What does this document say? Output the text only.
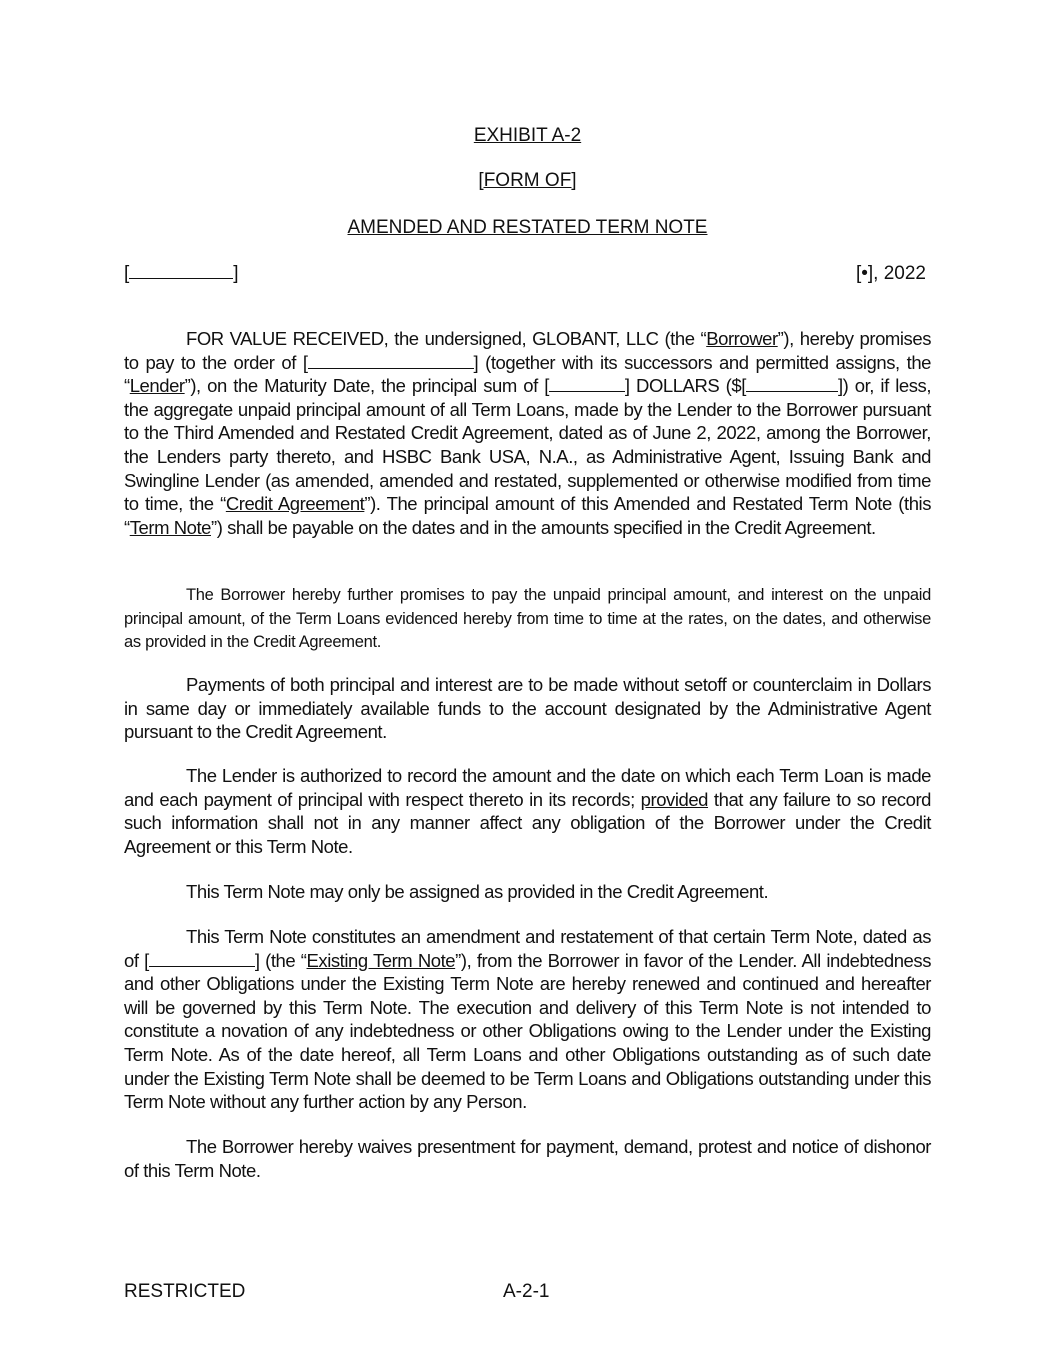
EXHIBIT A-2
[FORM OF]
AMENDED AND RESTATED TERM NOTE
[	]	[•], 2022
FOR VALUE RECEIVED, the undersigned, GLOBANT, LLC (the “Borrower”), hereby promises to pay to the order of [	] (together with its successors and permitted assigns, the “Lender”), on the Maturity Date, the principal sum of [	] DOLLARS ($[	]) or, if less, the aggregate unpaid principal amount of all Term Loans, made by the Lender to the Borrower pursuant to the Third Amended and Restated Credit Agreement, dated as of June 2, 2022, among the Borrower, the Lenders party thereto, and HSBC Bank USA, N.A., as Administrative Agent, Issuing Bank and Swingline Lender (as amended, amended and restated, supplemented or otherwise modified from time to time, the “Credit Agreement”). The principal amount of this Amended and Restated Term Note (this “Term Note”) shall be payable on the dates and in the amounts specified in the Credit Agreement.
The Borrower hereby further promises to pay the unpaid principal amount, and interest on the unpaid principal amount, of the Term Loans evidenced hereby from time to time at the rates, on the dates, and otherwise as provided in the Credit Agreement.
Payments of both principal and interest are to be made without setoff or counterclaim in Dollars in same day or immediately available funds to the account designated by the Administrative Agent pursuant to the Credit Agreement.
The Lender is authorized to record the amount and the date on which each Term Loan is made and each payment of principal with respect thereto in its records; provided that any failure to so record such information shall not in any manner affect any obligation of the Borrower under the Credit Agreement or this Term Note.
This Term Note may only be assigned as provided in the Credit Agreement.
This Term Note constitutes an amendment and restatement of that certain Term Note, dated as of [	] (the “Existing Term Note”), from the Borrower in favor of the Lender. All indebtedness and other Obligations under the Existing Term Note are hereby renewed and continued and hereafter will be governed by this Term Note. The execution and delivery of this Term Note is not intended to constitute a novation of any indebtedness or other Obligations owing to the Lender under the Existing Term Note. As of the date hereof, all Term Loans and other Obligations outstanding as of such date under the Existing Term Note shall be deemed to be Term Loans and Obligations outstanding under this Term Note without any further action by any Person.
The Borrower hereby waives presentment for payment, demand, protest and notice of dishonor of this Term Note.
RESTRICTED	A-2-1
